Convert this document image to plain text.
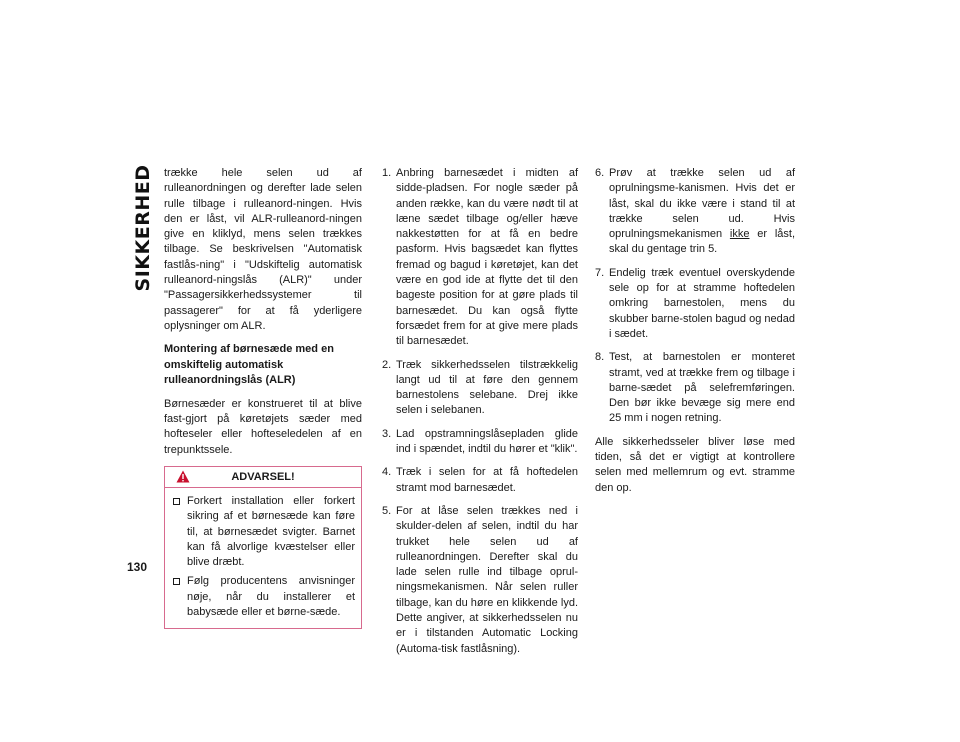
SIKKERHED
130

trække hele selen ud af rulleanordningen og derefter lade selen rulle tilbage i rulleanord-ningen. Hvis den er låst, vil ALR-rulleanord-ningen give en kliklyd, mens selen trækkes tilbage. Se beskrivelsen "Automatisk fastlås-ning" i "Udskiftelig automatisk rulleanord-ningslås (ALR)" under "Passagersikkerhedssystemer til passagerer" for at få yderligere oplysninger om ALR.

Montering af børnesæde med en omskiftelig automatisk rulleanordningslås (ALR)

Børnesæder er konstrueret til at blive fast-gjort på køretøjets sæder med hofteseler eller hofteseledelen af en trepunktssele.

ADVARSEL!
Forkert installation eller forkert sikring af et børnesæde kan føre til, at børnesædet svigter. Barnet kan få alvorlige kvæstelser eller blive dræbt.
Følg producentens anvisninger nøje, når du installerer et babysæde eller et børne-sæde.
1. Anbring barnesædet i midten af sidde-pladsen. For nogle sæder på anden række, kan du være nødt til at læne sædet tilbage og/eller hæve nakkestøtten for at få en bedre pasform. Hvis bagsædet kan flyttes fremad og bagud i køretøjet, kan det være en god ide at flytte det til den bageste position for at gøre plads til barnesædet. Du kan også flytte forsædet frem for at give mere plads til barnesædet.
2. Træk sikkerhedsselen tilstrækkelig langt ud til at føre den gennem barnestolens selebane. Drej ikke selen i selebanen.
3. Lad opstramningslåsepladen glide ind i spændet, indtil du hører et "klik".
4. Træk i selen for at få hoftedelen stramt mod barnesædet.
5. For at låse selen trækkes ned i skulder-delen af selen, indtil du har trukket hele selen ud af rulleanordningen. Derefter skal du lade selen rulle ind tilbage oprul-ningsmekanismen. Når selen ruller tilbage, kan du høre en klikkende lyd. Dette angiver, at sikkerhedsselen nu er i tilstanden Automatic Locking (Automa-tisk fastlåsning).
6. Prøv at trække selen ud af oprulningsme-kanismen. Hvis det er låst, skal du ikke være i stand til at trække selen ud. Hvis oprulningsmekanismen ikke er låst, skal du gentage trin 5.
7. Endelig træk eventuel overskydende sele op for at stramme hoftedelen omkring barnestolen, mens du skubber barne-stolen bagud og nedad i sædet.
8. Test, at barnestolen er monteret stramt, ved at trække frem og tilbage i barne-sædet på selefremføringen. Den bør ikke bevæge sig mere end 25 mm i nogen retning.

Alle sikkerhedsseler bliver løse med tiden, så det er vigtigt at kontrollere selen med mellemrum og evt. stramme den op.
